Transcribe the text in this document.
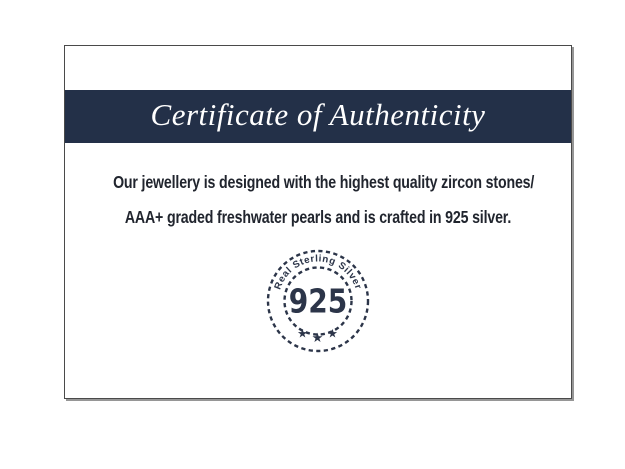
Certificate of Authenticity

Our jewellery is designed with the highest quality zircon stones/

AAA+ graded freshwater pearls and is crafted in 925 silver.

Real Sterling Silver
925
★ ★ ★
